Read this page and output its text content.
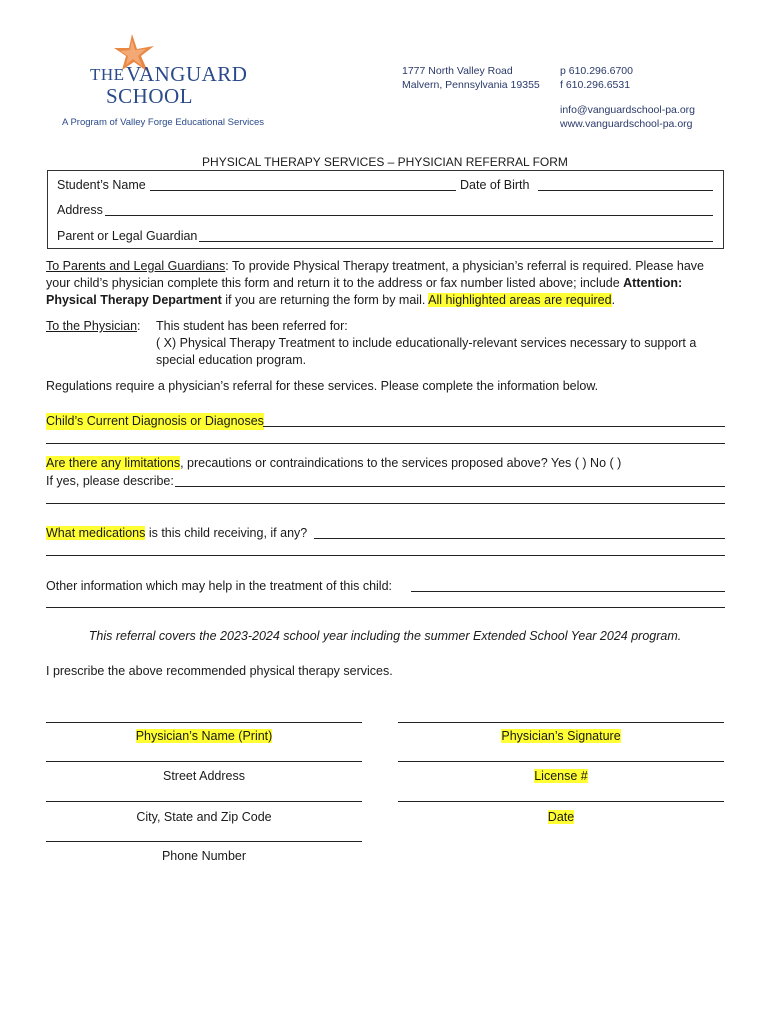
THE VANGUARD
SCHOOL
A Program of Valley Forge Educational Services
1777 North Valley Road
Malvern, Pennsylvania 19355
p 610.296.6700
f 610.296.6531
info@vanguardschool-pa.org
www.vanguardschool-pa.org
PHYSICAL THERAPY SERVICES – PHYSICIAN REFERRAL FORM
Student’s Name	Date of Birth
Address
Parent or Legal Guardian
To Parents and Legal Guardians: To provide Physical Therapy treatment, a physician’s referral is required. Please have
your child’s physician complete this form and return it to the address or fax number listed above; include Attention:
Physical Therapy Department if you are returning the form by mail. All highlighted areas are required.
To the Physician: This student has been referred for:
( X) Physical Therapy Treatment to include educationally-relevant services necessary to support a
special education program.
Regulations require a physician’s referral for these services. Please complete the information below.
Child’s Current Diagnosis or Diagnoses
Are there any limitations, precautions or contraindications to the services proposed above? Yes ( ) No ( )
If yes, please describe:
What medications is this child receiving, if any?
Other information which may help in the treatment of this child:
This referral covers the 2023-2024 school year including the summer Extended School Year 2024 program.
I prescribe the above recommended physical therapy services.
Physician’s Name (Print)	Physician’s Signature
Street Address	License #
City, State and Zip Code	Date
Phone Number
